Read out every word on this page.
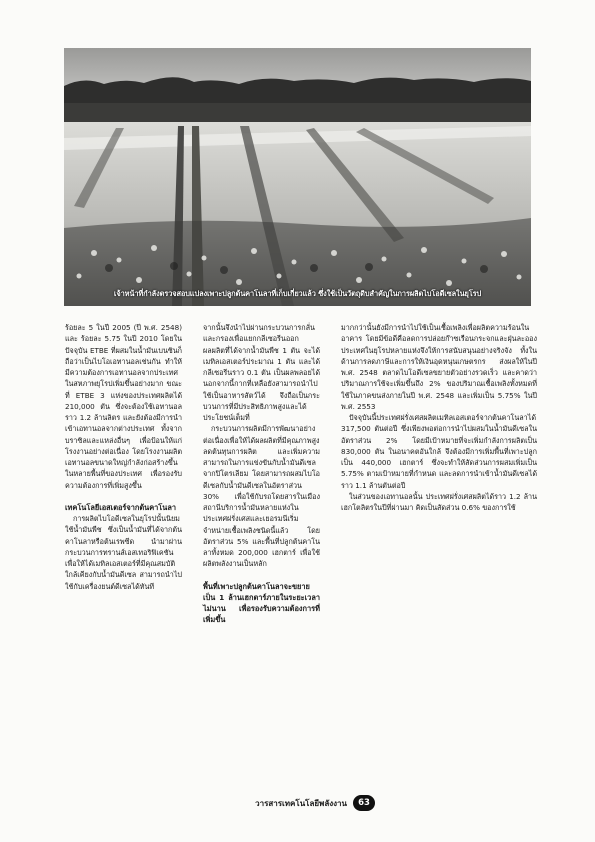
เจ้าหน้าที่กำลังตรวจสอบแปลงเพาะปลูกต้นคาโนลาที่เก็บเกี่ยวแล้ว ซึ่งใช้เป็นวัตถุดิบสำคัญในการผลิตไบโอดีเซลในยุโรป

ร้อยละ 5 ในปี 2005 (ปี พ.ศ. 2548) และ ร้อยละ 5.75 ในปี 2010 โดยในปัจจุบัน ETBE ที่ผสมในน้ำมันเบนซินก็ถือว่าเป็นไบโอเอทานอลเช่นกัน ทำให้มีความต้องการเอทานอลจากประเทศในสหภาพยุโรปเพิ่มขึ้นอย่างมาก ขณะที่ ETBE 3 แห่งของประเทศผลิตได้ 210,000 ตัน ซึ่งจะต้องใช้เอทานอลราว 1.2 ล้านลิตร และยังต้องมีการนำเข้าเอทานอลจากต่างประเทศ ทั้งจากบราซิลและแหล่งอื่นๆ เพื่อป้อนให้แก่โรงงานอย่างต่อเนื่อง โดยโรงงานผลิตเอทานอลขนาดใหญ่กำลังก่อสร้างขึ้นในหลายพื้นที่ของประเทศ เพื่อรองรับความต้องการที่เพิ่มสูงขึ้น

เทคโนโลยีเอสเตอร์จากต้นคาโนลา

การผลิตไบโอดีเซลในยุโรปนั้นนิยมใช้น้ำมันพืช ซึ่งเป็นน้ำมันที่ได้จากต้นคาโนลาหรือต้นเรพซีด นำมาผ่านกระบวนการทรานส์เอสเทอริฟิเคชันเพื่อให้ได้เมทิลเอสเตอร์ที่มีคุณสมบัติใกล้เคียงกับน้ำมันดีเซล สามารถนำไปใช้กับเครื่องยนต์ดีเซลได้ทันที

จากนั้นจึงนำไปผ่านกระบวนการกลั่นและกรองเพื่อแยกกลีเซอรีนออก ผลผลิตที่ได้จากน้ำมันพืช 1 ตัน จะได้เมทิลเอสเตอร์ประมาณ 1 ตัน และได้กลีเซอรีนราว 0.1 ตัน เป็นผลพลอยได้ นอกจากนี้กากที่เหลือยังสามารถนำไปใช้เป็นอาหารสัตว์ได้ จึงถือเป็นกระบวนการที่มีประสิทธิภาพสูงและได้ประโยชน์เต็มที่

กระบวนการผลิตมีการพัฒนาอย่างต่อเนื่องเพื่อให้ได้ผลผลิตที่มีคุณภาพสูง ลดต้นทุนการผลิต และเพิ่มความสามารถในการแข่งขันกับน้ำมันดีเซลจากปิโตรเลียม โดยสามารถผสมไบโอดีเซลกับน้ำมันดีเซลในอัตราส่วน 30% เพื่อใช้กับรถโดยสารในเมือง สถานีบริการน้ำมันหลายแห่งในประเทศฝรั่งเศสและเยอรมนีเริ่มจำหน่ายเชื้อเพลิงชนิดนี้แล้ว โดยอัตราส่วน 5% และพื้นที่ปลูกต้นคาโนลาทั้งหมด 200,000 เฮกตาร์ เพื่อใช้ผลิตพลังงานเป็นหลัก

พื้นที่เพาะปลูกต้นคาโนลาจะขยายเป็น 1 ล้านเฮกตาร์ภายในระยะเวลาไม่นาน เพื่อรองรับความต้องการที่เพิ่มขึ้น

มากกว่านั้นยังมีการนำไปใช้เป็นเชื้อเพลิงเพื่อผลิตความร้อนในอาคาร โดยมีข้อดีคือลดการปล่อยก๊าซเรือนกระจกและฝุ่นละออง ประเทศในยุโรปหลายแห่งจึงให้การสนับสนุนอย่างจริงจัง ทั้งในด้านการลดภาษีและการให้เงินอุดหนุนเกษตรกร ส่งผลให้ในปี พ.ศ. 2548 ตลาดไบโอดีเซลขยายตัวอย่างรวดเร็ว และคาดว่าปริมาณการใช้จะเพิ่มขึ้นถึง 2% ของปริมาณเชื้อเพลิงทั้งหมดที่ใช้ในภาคขนส่งภายในปี พ.ศ. 2548 และเพิ่มเป็น 5.75% ในปี พ.ศ. 2553

ปัจจุบันนี้ประเทศฝรั่งเศสผลิตเมทิลเอสเตอร์จากต้นคาโนลาได้ 317,500 ตันต่อปี ซึ่งเพียงพอต่อการนำไปผสมในน้ำมันดีเซลในอัตราส่วน 2% โดยมีเป้าหมายที่จะเพิ่มกำลังการผลิตเป็น 830,000 ตัน ในอนาคตอันใกล้ จึงต้องมีการเพิ่มพื้นที่เพาะปลูกเป็น 440,000 เฮกตาร์ ซึ่งจะทำให้สัดส่วนการผสมเพิ่มเป็น 5.75% ตามเป้าหมายที่กำหนด และลดการนำเข้าน้ำมันดีเซลได้ราว 1.1 ล้านตันต่อปี

ในส่วนของเอทานอลนั้น ประเทศฝรั่งเศสผลิตได้ราว 1.2 ล้านเฮกโตลิตรในปีที่ผ่านมา คิดเป็นสัดส่วน 0.6% ของการใช้

วารสารเทคโนโลยีพลังงาน	63
